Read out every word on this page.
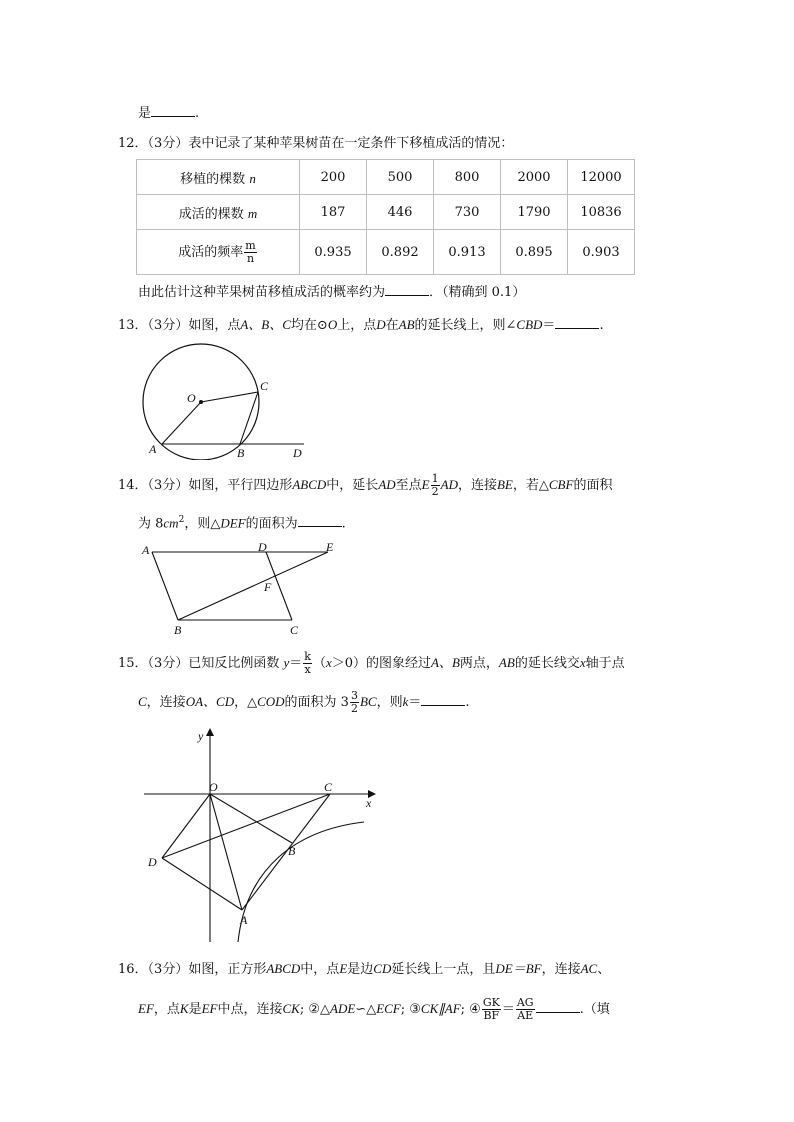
是	.
12．（3分）表中记录了某种苹果树苗在一定条件下移植成活的情况：
移植的棵数 n	200	500	800	2000	12000
成活的棵数 m	187	446	730	1790	10836
成活的频率 $\frac{m}{n}$	0.935	0.892	0.913	0.895	0.903
由此估计这种苹果树苗移植成活的概率约为	．（精确到 0.1）
13．（3分）如图，点A、B、C均在⊙O上，点D在AB的延长线上，则∠CBD＝	.
O
A	B
C
D
14．（3分）如图，平行四边形ABCD中，延长AD至点E $\frac{1}{2}$ AD，连接BE，若△CBF的面积
为 $8cm^2$，则△DEF的面积为	.
A	D	E
F
B	C
15．（3分）已知反比例函数 $y= \frac{k}{x} (x>0)$的图象经过A、B两点，AB的延长线交x轴于点
C，连接OA、CD，△COD的面积为 $3 \frac{3}{2}$ BC，则k＝	.
y
x
O	C
D
B
A
16．（3分）如图，正方形ABCD中，点E是边CD延长线上一点，且DE＝BF，连接AC、
EF，点K是EF中点，连接CK; ②△ADE∽△ECF; ③CK∥AF; ④ $\frac{GK}{BF} = \frac{AG}{AE}$	.（填
